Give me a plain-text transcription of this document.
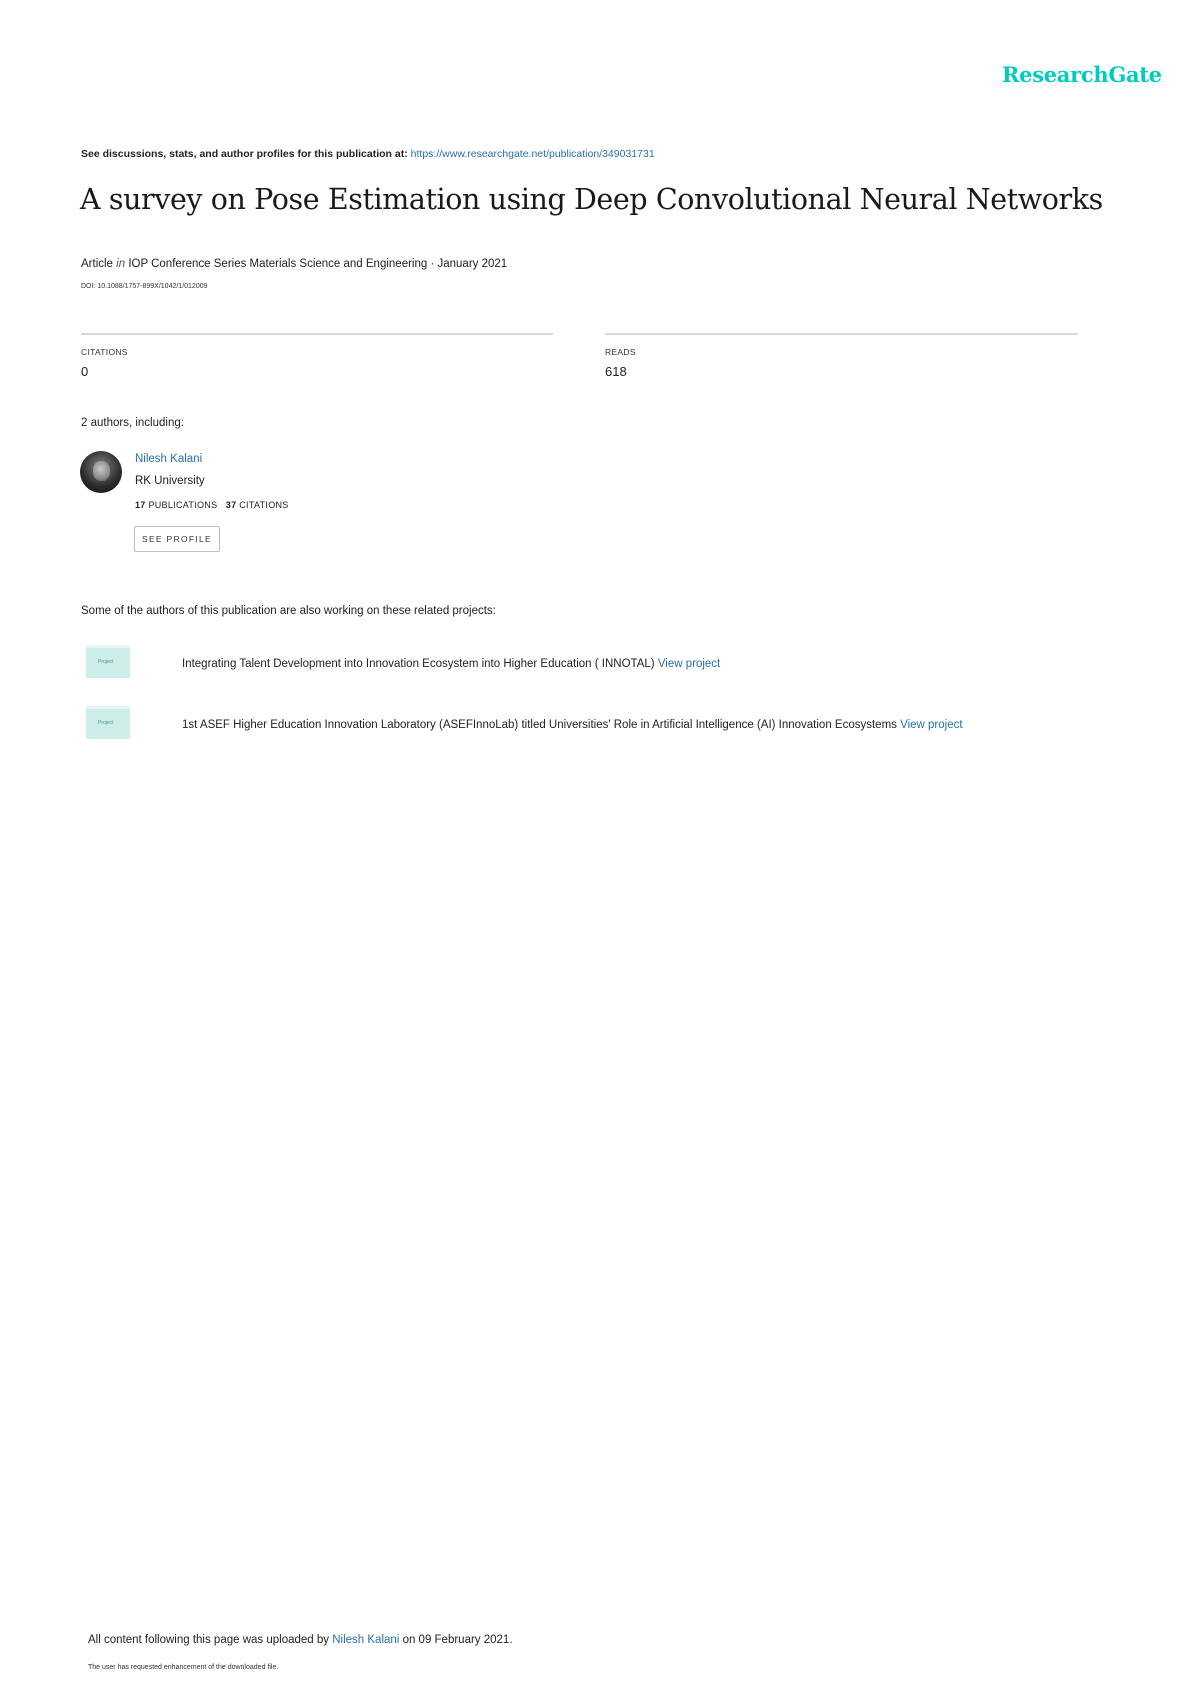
ResearchGate
See discussions, stats, and author profiles for this publication at: https://www.researchgate.net/publication/349031731
A survey on Pose Estimation using Deep Convolutional Neural Networks
Article in IOP Conference Series Materials Science and Engineering · January 2021
DOI: 10.1088/1757-899X/1042/1/012009
CITATIONS
0
READS
618
2 authors, including:
Nilesh Kalani
RK University
17 PUBLICATIONS 37 CITATIONS
SEE PROFILE
Some of the authors of this publication are also working on these related projects:
Project	Integrating Talent Development into Innovation Ecosystem into Higher Education ( INNOTAL) View project
Project	1st ASEF Higher Education Innovation Laboratory (ASEFInnoLab) titled Universities' Role in Artificial Intelligence (AI) Innovation Ecosystems View project
All content following this page was uploaded by Nilesh Kalani on 09 February 2021.
The user has requested enhancement of the downloaded file.
